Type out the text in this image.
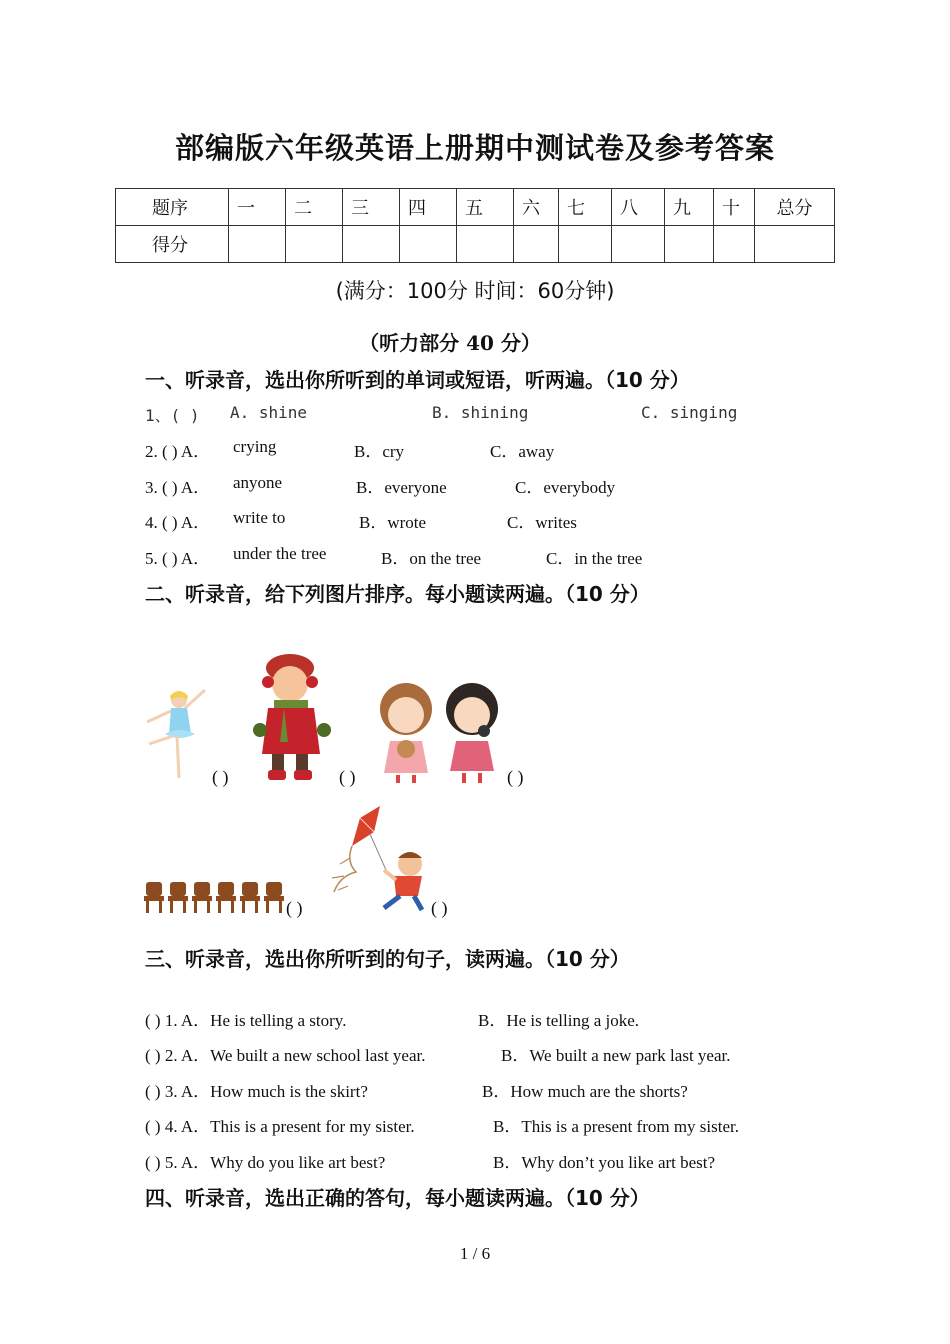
部编版六年级英语上册期中测试卷及参考答案
题序	一	二	三	四	五	六	七	八	九	十	总分
得分											
(满分：100分 时间：60分钟)
（听力部分 40 分）
一、听录音，选出你所听到的单词或短语，听两遍。（10 分）
1、( ) A. shine	B. shining	C. singing
2. ( ) A． crying	B．cry	C．away
3. ( ) A． anyone	B．everyone	C．everybody
4. ( ) A． write to	B．wrote	C．writes
5. ( ) A． under the tree	B．on the tree	C．in the tree
二、听录音，给下列图片排序。每小题读两遍。（10 分）
( )	( )	( )
( )	( )
三、听录音，选出你所听到的句子，读两遍。（10 分）
( ) 1. A．He is telling a story.	B．He is telling a joke.
( ) 2. A．We built a new school last year.	B．We built a new park last year.
( ) 3. A．How much is the skirt?	B．How much are the shorts?
( ) 4. A．This is a present for my sister.	B．This is a present from my sister.
( ) 5. A．Why do you like art best?	B．Why don’t you like art best?
四、听录音，选出正确的答句，每小题读两遍。（10 分）
1 / 6
